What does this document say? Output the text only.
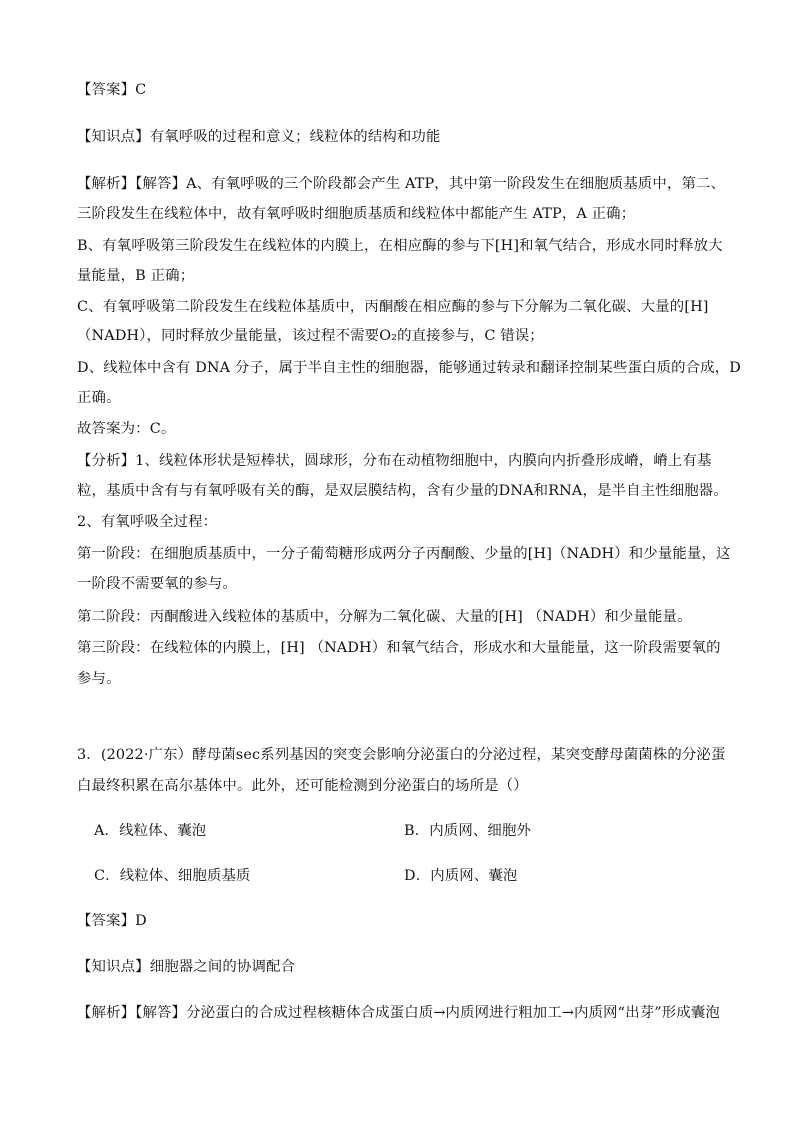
【答案】C
【知识点】有氧呼吸的过程和意义；线粒体的结构和功能
【解析】【解答】A、有氧呼吸的三个阶段都会产生 ATP，其中第一阶段发生在细胞质基质中，第二、
三阶段发生在线粒体中，故有氧呼吸时细胞质基质和线粒体中都能产生 ATP，A 正确；
B、有氧呼吸第三阶段发生在线粒体的内膜上，在相应酶的参与下[H]和氧气结合，形成水同时释放大
量能量，B 正确；
C、有氧呼吸第二阶段发生在线粒体基质中，丙酮酸在相应酶的参与下分解为二氧化碳、大量的[H]
（NADH），同时释放少量能量，该过程不需要O₂的直接参与，C 错误；
D、线粒体中含有 DNA 分子，属于半自主性的细胞器，能够通过转录和翻译控制某些蛋白质的合成，D
正确。
故答案为：C。
【分析】1、线粒体形状是短棒状，圆球形，分布在动植物细胞中，内膜向内折叠形成嵴，嵴上有基
粒，基质中含有与有氧呼吸有关的酶，是双层膜结构，含有少量的DNA和RNA，是半自主性细胞器。
2、有氧呼吸全过程：
第一阶段：在细胞质基质中，一分子葡萄糖形成两分子丙酮酸、少量的[H]（NADH）和少量能量，这
一阶段不需要氧的参与。
第二阶段：丙酮酸进入线粒体的基质中，分解为二氧化碳、大量的[H] （NADH）和少量能量。
第三阶段：在线粒体的内膜上，[H] （NADH）和氧气结合，形成水和大量能量，这一阶段需要氧的
参与。
3．(2022·广东）酵母菌sec系列基因的突变会影响分泌蛋白的分泌过程，某突变酵母菌菌株的分泌蛋
白最终积累在高尔基体中。此外，还可能检测到分泌蛋白的场所是（）
A．线粒体、囊泡	B．内质网、细胞外
C．线粒体、细胞质基质	D．内质网、囊泡
【答案】D
【知识点】细胞器之间的协调配合
【解析】【解答】分泌蛋白的合成过程核糖体合成蛋白质→内质网进行粗加工→内质网“出芽”形成囊泡
